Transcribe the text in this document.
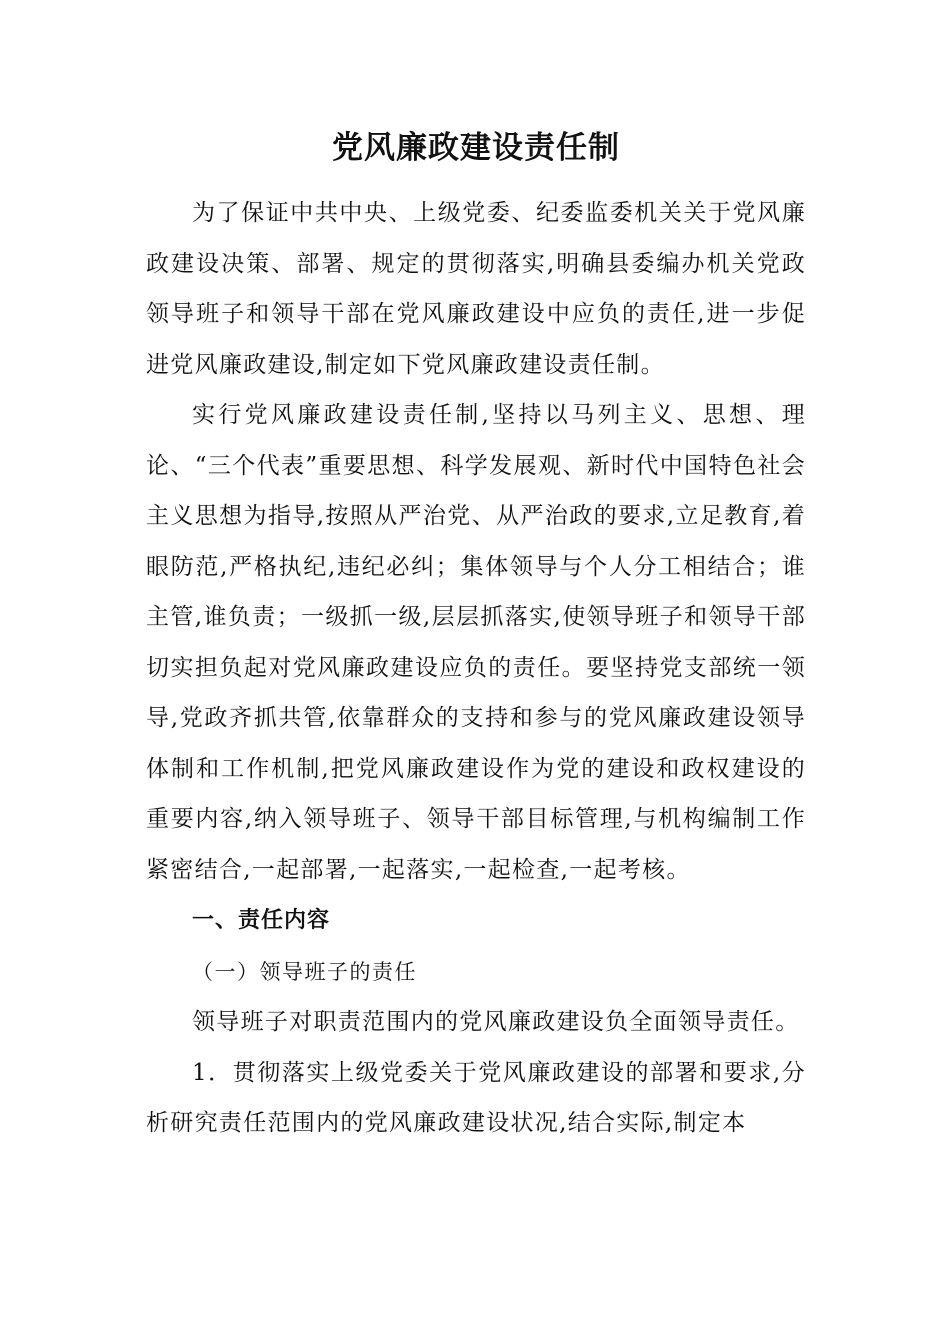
党风廉政建设责任制

为了保证中共中央、上级党委、纪委监委机关关于党风廉政建设决策、部署、规定的贯彻落实,明确县委编办机关党政领导班子和领导干部在党风廉政建设中应负的责任,进一步促进党风廉政建设,制定如下党风廉政建设责任制。

实行党风廉政建设责任制,坚持以马列主义、思想、理论、“三个代表”重要思想、科学发展观、新时代中国特色社会主义思想为指导,按照从严治党、从严治政的要求,立足教育,着眼防范,严格执纪,违纪必纠；集体领导与个人分工相结合；谁主管,谁负责；一级抓一级,层层抓落实,使领导班子和领导干部切实担负起对党风廉政建设应负的责任。要坚持党支部统一领导,党政齐抓共管,依靠群众的支持和参与的党风廉政建设领导体制和工作机制,把党风廉政建设作为党的建设和政权建设的重要内容,纳入领导班子、领导干部目标管理,与机构编制工作紧密结合,一起部署,一起落实,一起检查,一起考核。

一、责任内容
（一）领导班子的责任

领导班子对职责范围内的党风廉政建设负全面领导责任。

1．贯彻落实上级党委关于党风廉政建设的部署和要求,分析研究责任范围内的党风廉政建设状况,结合实际,制定本
